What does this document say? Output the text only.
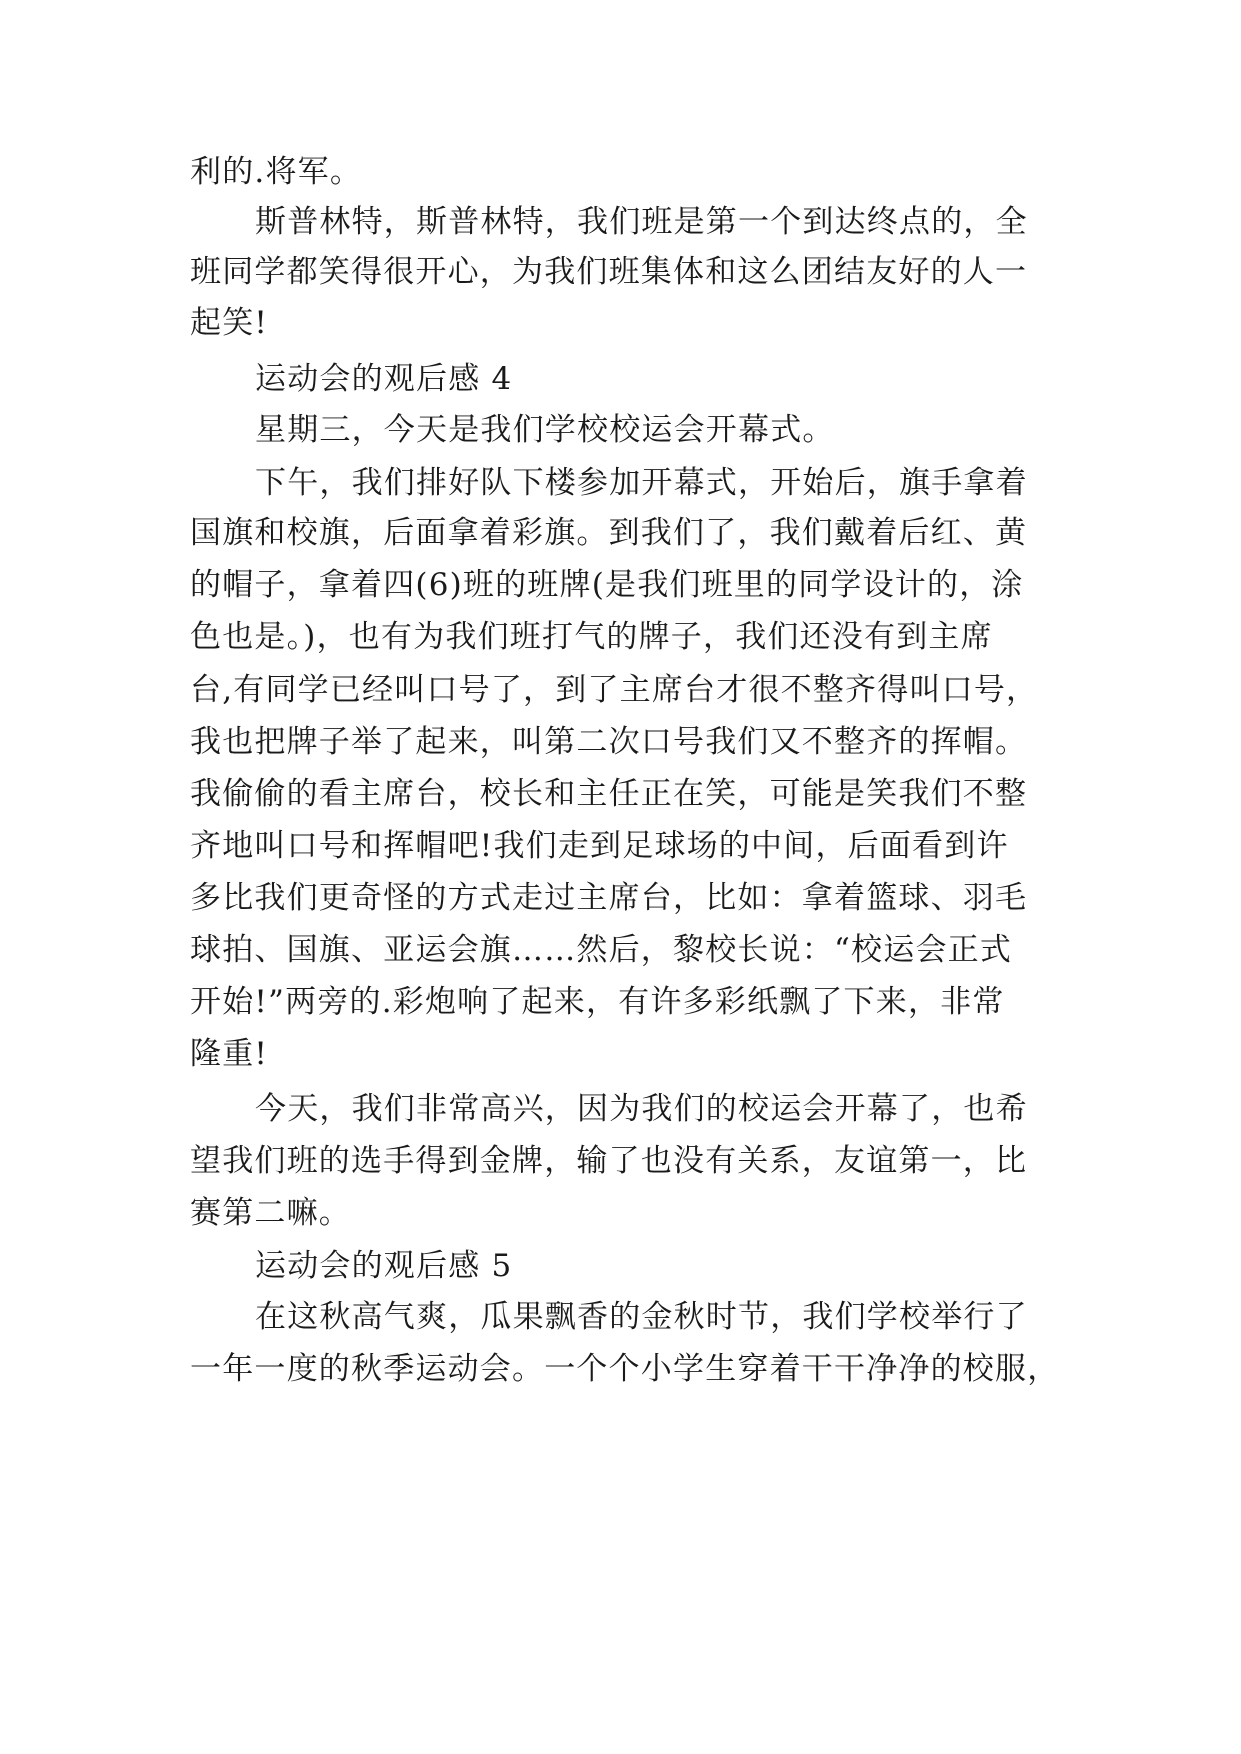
利的.将军。
斯普林特，斯普林特，我们班是第一个到达终点的，全
班同学都笑得很开心，为我们班集体和这么团结友好的人一
起笑!
运动会的观后感 4
星期三，今天是我们学校校运会开幕式。
下午，我们排好队下楼参加开幕式，开始后，旗手拿着
国旗和校旗，后面拿着彩旗。到我们了，我们戴着后红、黄
的帽子，拿着四(6)班的班牌(是我们班里的同学设计的，涂
色也是。)，也有为我们班打气的牌子，我们还没有到主席
台,有同学已经叫口号了，到了主席台才很不整齐得叫口号，
我也把牌子举了起来，叫第二次口号我们又不整齐的挥帽。
我偷偷的看主席台，校长和主任正在笑，可能是笑我们不整
齐地叫口号和挥帽吧!我们走到足球场的中间，后面看到许
多比我们更奇怪的方式走过主席台，比如：拿着篮球、羽毛
球拍、国旗、亚运会旗……然后，黎校长说：“校运会正式
开始!”两旁的.彩炮响了起来，有许多彩纸飘了下来，非常
隆重!
今天，我们非常高兴，因为我们的校运会开幕了，也希
望我们班的选手得到金牌，输了也没有关系，友谊第一，比
赛第二嘛。
运动会的观后感 5
在这秋高气爽，瓜果飘香的金秋时节，我们学校举行了
一年一度的秋季运动会。一个个小学生穿着干干净净的校服，
